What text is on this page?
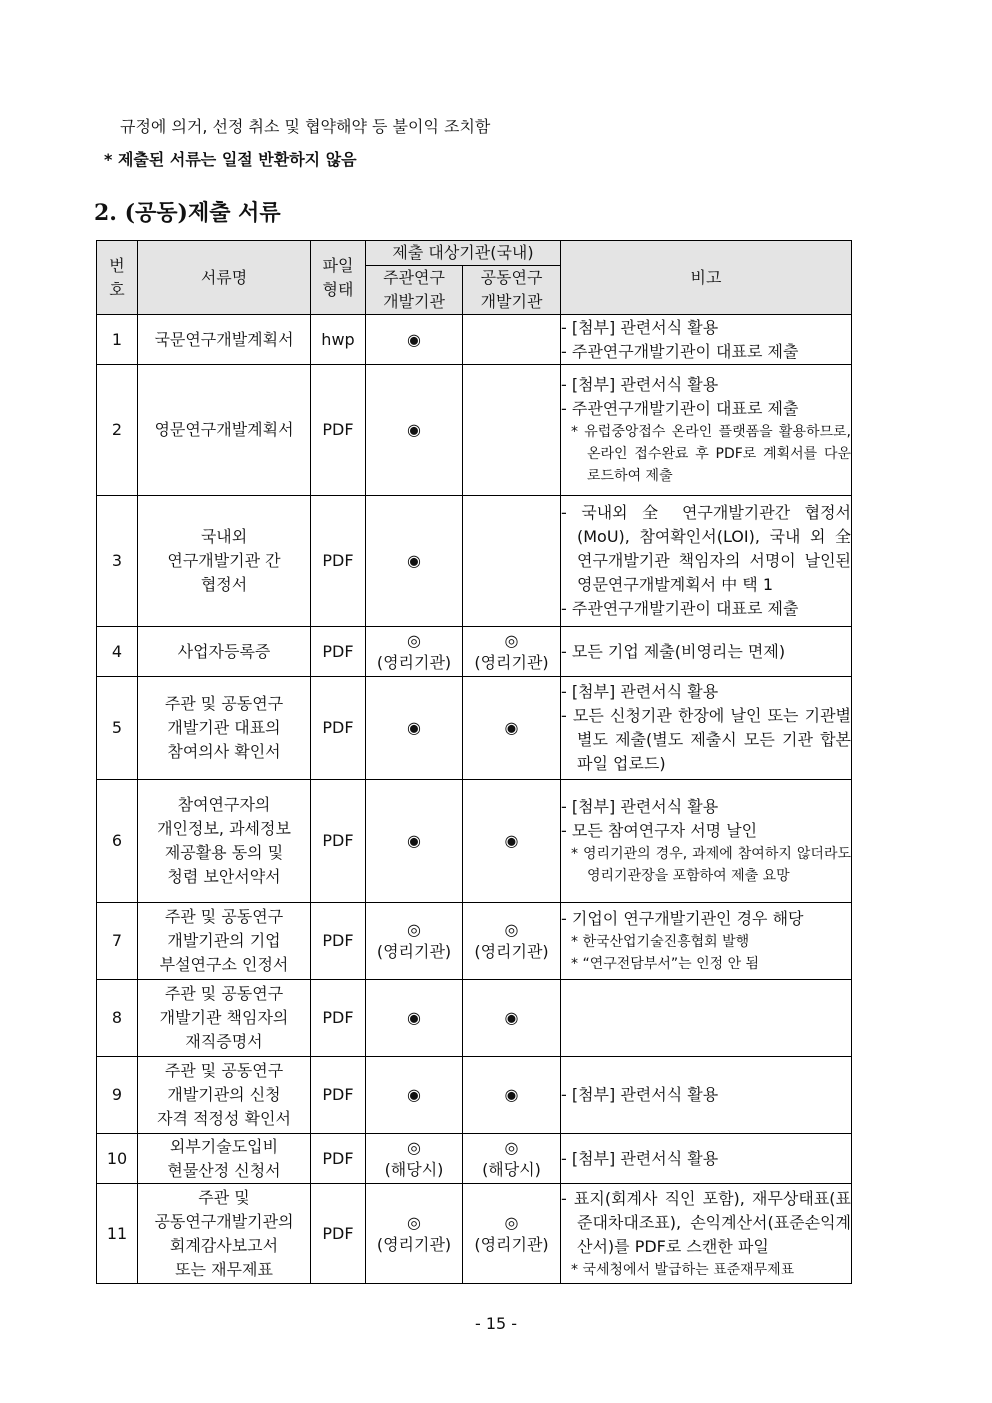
규정에 의거, 선정 취소 및 협약해약 등 불이익 조치함
* 제출된 서류는 일절 반환하지 않음
2. (공동)제출 서류
번호	서류명	파일형태	제출 대상기관(국내)		비고
			주관연구개발기관	공동연구개발기관	
1	국문연구개발계획서	hwp	◉		- [첨부] 관련서식 활용
- 주관연구개발기관이 대표로 제출

2	영문연구개발계획서	PDF	◉		- [첨부] 관련서식 활용
- 주관연구개발기관이 대표로 제출
* 유럽중앙접수 온라인 플랫폼을 활용하므로, 온라인 접수완료 후 PDF로 계획서를 다운로드하여 제출

3	국내외
연구개발기관 간
협정서	PDF	◉		- 국내외 全 연구개발기관간 협정서(MoU), 참여확인서(LOI), 국내 외 全 연구개발기관 책임자의 서명이 날인된 영문연구개발계획서 中 택 1
- 주관연구개발기관이 대표로 제출

4	사업자등록증	PDF	◎
(영리기관)	◎
(영리기관)	- 모든 기업 제출(비영리는 면제)

5	주관 및 공동연구
개발기관 대표의
참여의사 확인서	PDF	◉	◉	- [첨부] 관련서식 활용
- 모든 신청기관 한장에 날인 또는 기관별 별도 제출(별도 제출시 모든 기관 합본파일 업로드)

6	참여연구자의
개인정보, 과세정보
제공활용 동의 및
청렴 보안서약서	PDF	◉	◉	- [첨부] 관련서식 활용
- 모든 참여연구자 서명 날인
* 영리기관의 경우, 과제에 참여하지 않더라도 영리기관장을 포함하여 제출 요망

7	주관 및 공동연구
개발기관의 기업
부설연구소 인정서	PDF	◎
(영리기관)	◎
(영리기관)	- 기업이 연구개발기관인 경우 해당
* 한국산업기술진흥협회 발행
* “연구전담부서”는 인정 안 됨

8	주관 및 공동연구
개발기관 책임자의
재직증명서	PDF	◉	◉	

9	주관 및 공동연구
개발기관의 신청
자격 적정성 확인서	PDF	◉	◉	- [첨부] 관련서식 활용

10	외부기술도입비
현물산정 신청서	PDF	◎
(해당시)	◎
(해당시)	- [첨부] 관련서식 활용

11	주관 및
공동연구개발기관의
회계감사보고서
또는 재무제표	PDF	◎
(영리기관)	◎
(영리기관)	- 표지(회계사 직인 포함), 재무상태표(표준대차대조표), 손익계산서(표준손익계산서)를 PDF로 스캔한 파일
* 국세청에서 발급하는 표준재무제표
- 15 -
